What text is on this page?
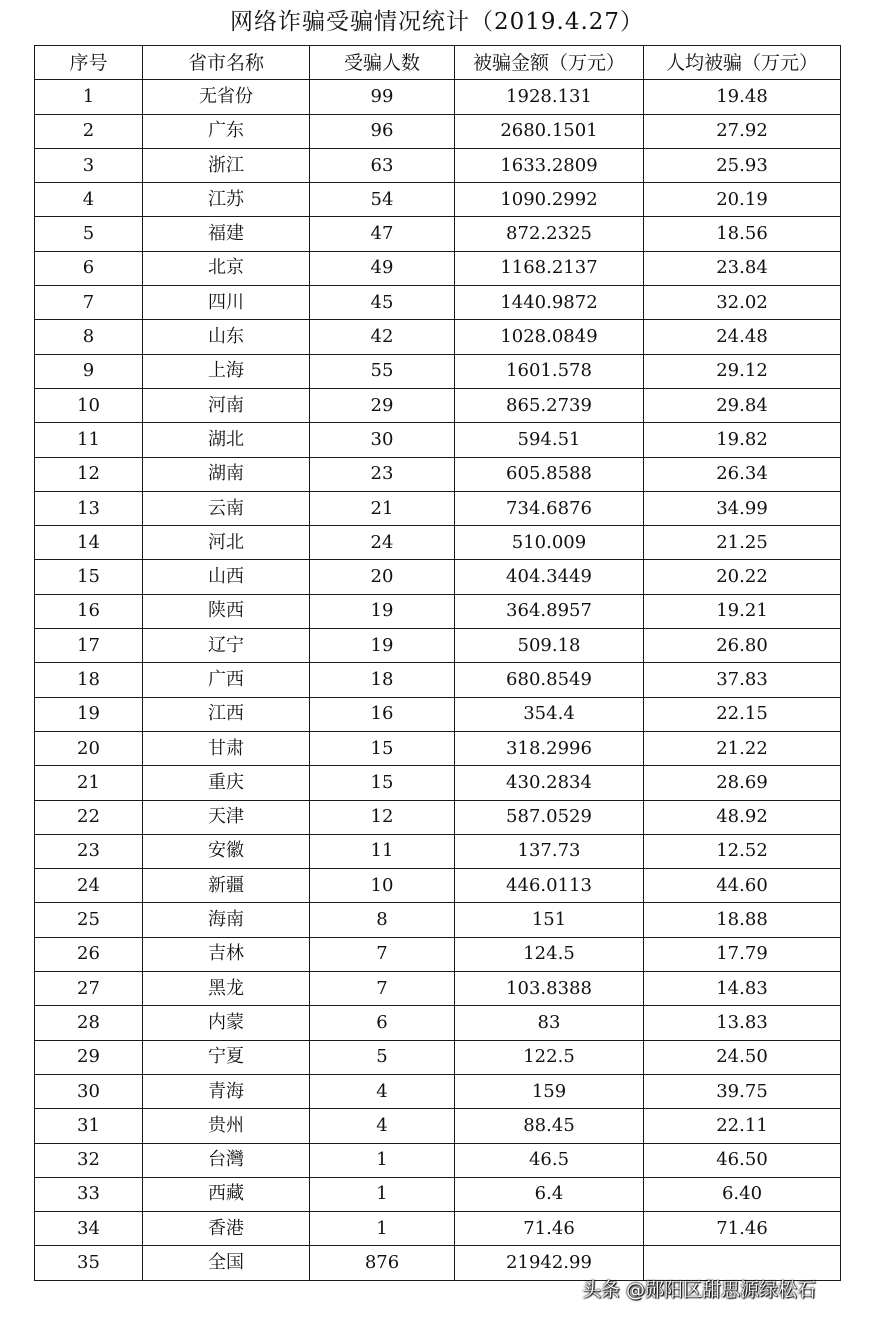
网络诈骗受骗情况统计（2019.4.27）
序号	省市名称	受骗人数	被骗金额（万元）	人均被骗（万元）
1	无省份	99	1928.131	19.48
2	广东	96	2680.1501	27.92
3	浙江	63	1633.2809	25.93
4	江苏	54	1090.2992	20.19
5	福建	47	872.2325	18.56
6	北京	49	1168.2137	23.84
7	四川	45	1440.9872	32.02
8	山东	42	1028.0849	24.48
9	上海	55	1601.578	29.12
10	河南	29	865.2739	29.84
11	湖北	30	594.51	19.82
12	湖南	23	605.8588	26.34
13	云南	21	734.6876	34.99
14	河北	24	510.009	21.25
15	山西	20	404.3449	20.22
16	陕西	19	364.8957	19.21
17	辽宁	19	509.18	26.80
18	广西	18	680.8549	37.83
19	江西	16	354.4	22.15
20	甘肃	15	318.2996	21.22
21	重庆	15	430.2834	28.69
22	天津	12	587.0529	48.92
23	安徽	11	137.73	12.52
24	新疆	10	446.0113	44.60
25	海南	8	151	18.88
26	吉林	7	124.5	17.79
27	黑龙	7	103.8388	14.83
28	内蒙	6	83	13.83
29	宁夏	5	122.5	24.50
30	青海	4	159	39.75
31	贵州	4	88.45	22.11
32	台灣	1	46.5	46.50
33	西藏	1	6.4	6.40
34	香港	1	71.46	71.46
35	全国	876	21942.99	
头条 @郧阳区甜思源绿松石
